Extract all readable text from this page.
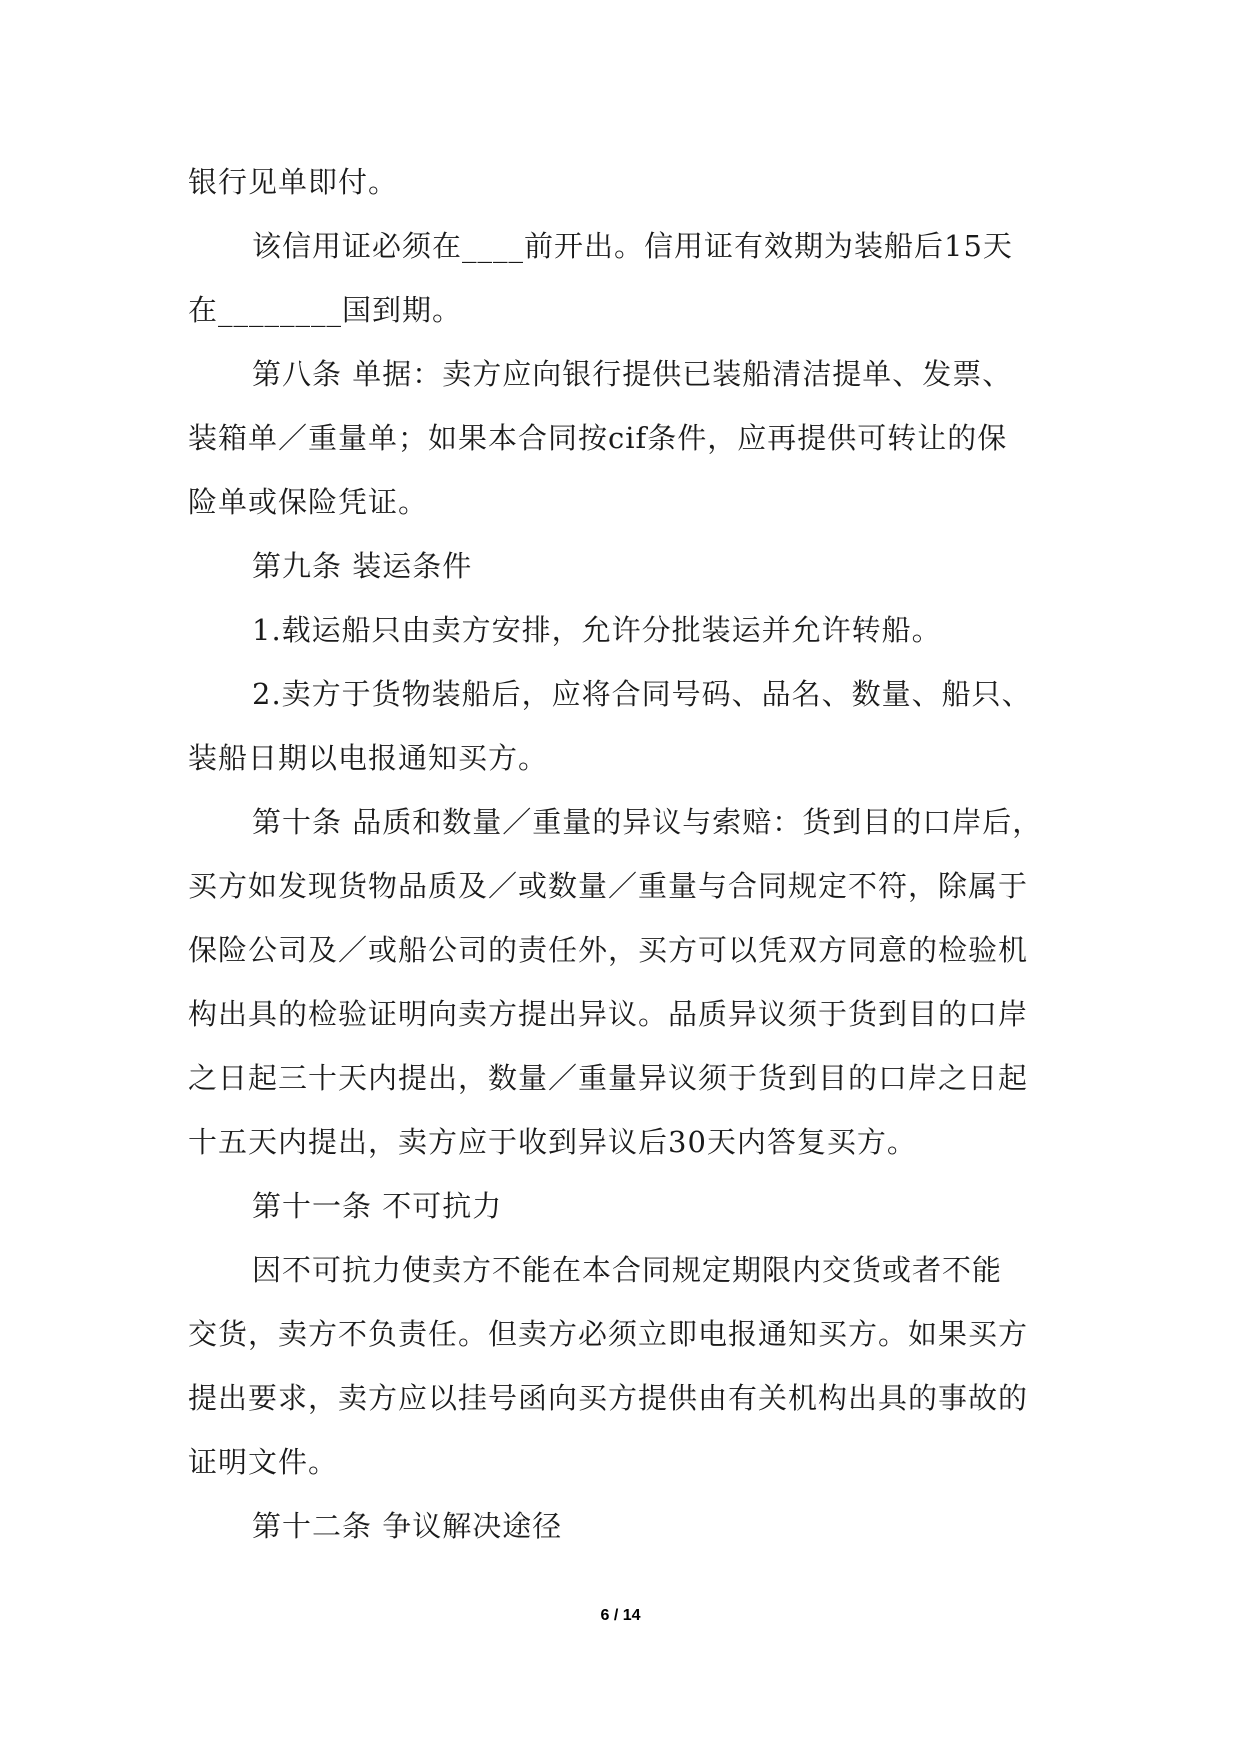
银行见单即付。
该信用证必须在____前开出。信用证有效期为装船后15天
在________国到期。
第八条 单据：卖方应向银行提供已装船清洁提单、发票、
装箱单／重量单；如果本合同按cif条件，应再提供可转让的保
险单或保险凭证。
第九条 装运条件
1.载运船只由卖方安排，允许分批装运并允许转船。
2.卖方于货物装船后，应将合同号码、品名、数量、船只、
装船日期以电报通知买方。
第十条 品质和数量／重量的异议与索赔：货到目的口岸后，
买方如发现货物品质及／或数量／重量与合同规定不符，除属于
保险公司及／或船公司的责任外，买方可以凭双方同意的检验机
构出具的检验证明向卖方提出异议。品质异议须于货到目的口岸
之日起三十天内提出，数量／重量异议须于货到目的口岸之日起
十五天内提出，卖方应于收到异议后30天内答复买方。
第十一条 不可抗力
因不可抗力使卖方不能在本合同规定期限内交货或者不能
交货，卖方不负责任。但卖方必须立即电报通知买方。如果买方
提出要求，卖方应以挂号函向买方提供由有关机构出具的事故的
证明文件。
第十二条 争议解决途径
6 / 14
